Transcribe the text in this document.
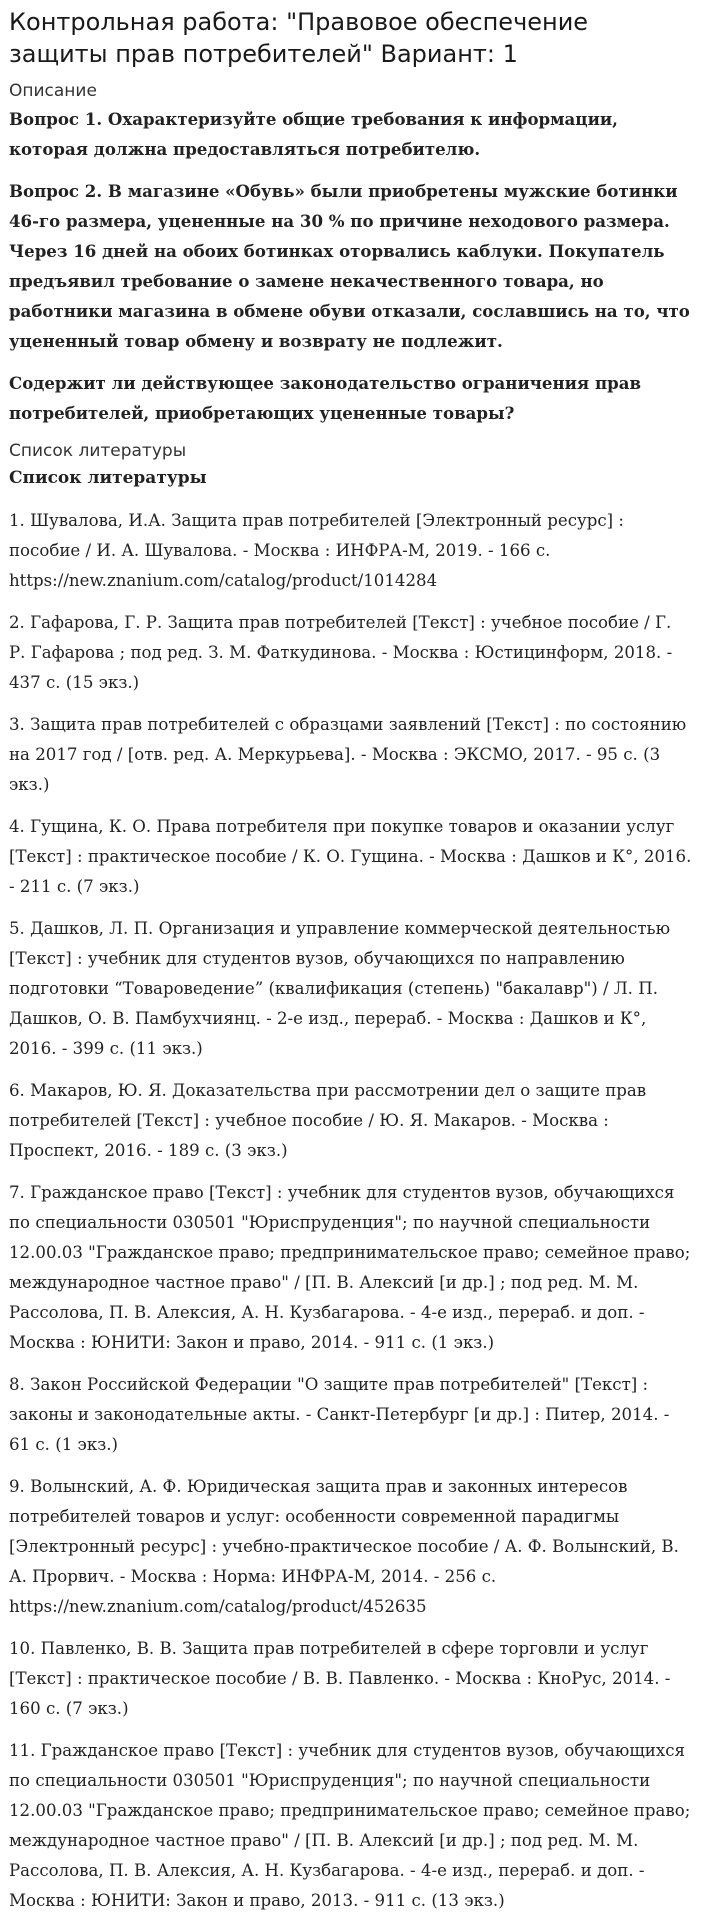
Контрольная работа: "Правовое обеспечение защиты прав потребителей" Вариант: 1
Описание

Вопрос 1. Охарактеризуйте общие требования к информации, которая должна предоставляться потребителю.

Вопрос 2. В магазине «Обувь» были приобретены мужские ботинки 46-го размера, уцененные на 30 % по причине неходового размера. Через 16 дней на обоих ботинках оторвались каблуки. Покупатель предъявил требование о замене некачественного товара, но работники магазина в обмене обуви отказали, сославшись на то, что уцененный товар обмену и возврату не подлежит.

Содержит ли действующее законодательство ограничения прав потребителей, приобретающих уцененные товары?

Список литературы
Список литературы

1. Шувалова, И.А. Защита прав потребителей [Электронный ресурс] : пособие / И. А. Шувалова. - Москва : ИНФРА-М, 2019. - 166 с. https://new.znanium.com/catalog/product/1014284

2. Гафарова, Г. Р. Защита прав потребителей [Текст] : учебное пособие / Г. Р. Гафарова ; под ред. З. М. Фаткудинова. - Москва : Юстицинформ, 2018. - 437 с. (15 экз.)

3. Защита прав потребителей с образцами заявлений [Текст] : по состоянию на 2017 год / [отв. ред. А. Меркурьева]. - Москва : ЭКСМО, 2017. - 95 с. (3 экз.)

4. Гущина, К. О. Права потребителя при покупке товаров и оказании услуг [Текст] : практическое пособие / К. О. Гущина. - Москва : Дашков и К°, 2016. - 211 с. (7 экз.)

5. Дашков, Л. П. Организация и управление коммерческой деятельностью [Текст] : учебник для студентов вузов, обучающихся по направлению подготовки “Товароведение” (квалификация (степень) "бакалавр") / Л. П. Дашков, О. В. Памбухчиянц. - 2-е изд., перераб. - Москва : Дашков и К°, 2016. - 399 с. (11 экз.)

6. Макаров, Ю. Я. Доказательства при рассмотрении дел о защите прав потребителей [Текст] : учебное пособие / Ю. Я. Макаров. - Москва : Проспект, 2016. - 189 с. (3 экз.)

7. Гражданское право [Текст] : учебник для студентов вузов, обучающихся по специальности 030501 "Юриспруденция"; по научной специальности 12.00.03 "Гражданское право; предпринимательское право; семейное право; международное частное право" / [П. В. Алексий [и др.] ; под ред. М. М. Рассолова, П. В. Алексия, А. Н. Кузбагарова. - 4-е изд., перераб. и доп. - Москва : ЮНИТИ: Закон и право, 2014. - 911 с. (1 экз.)

8. Закон Российской Федерации "О защите прав потребителей" [Текст] : законы и законодательные акты. - Санкт-Петербург [и др.] : Питер, 2014. - 61 с. (1 экз.)

9. Волынский, А. Ф. Юридическая защита прав и законных интересов потребителей товаров и услуг: особенности современной парадигмы [Электронный ресурс] : учебно-практическое пособие / А. Ф. Волынский, В. А. Прорвич. - Москва : Норма: ИНФРА-М, 2014. - 256 с. https://new.znanium.com/catalog/product/452635

10. Павленко, В. В. Защита прав потребителей в сфере торговли и услуг [Текст] : практическое пособие / В. В. Павленко. - Москва : КноРус, 2014. - 160 с. (7 экз.)

11. Гражданское право [Текст] : учебник для студентов вузов, обучающихся по специальности 030501 "Юриспруденция"; по научной специальности 12.00.03 "Гражданское право; предпринимательское право; семейное право; международное частное право" / [П. В. Алексий [и др.] ; под ред. М. М. Рассолова, П. В. Алексия, А. Н. Кузбагарова. - 4-е изд., перераб. и доп. - Москва : ЮНИТИ: Закон и право, 2013. - 911 с. (13 экз.)
